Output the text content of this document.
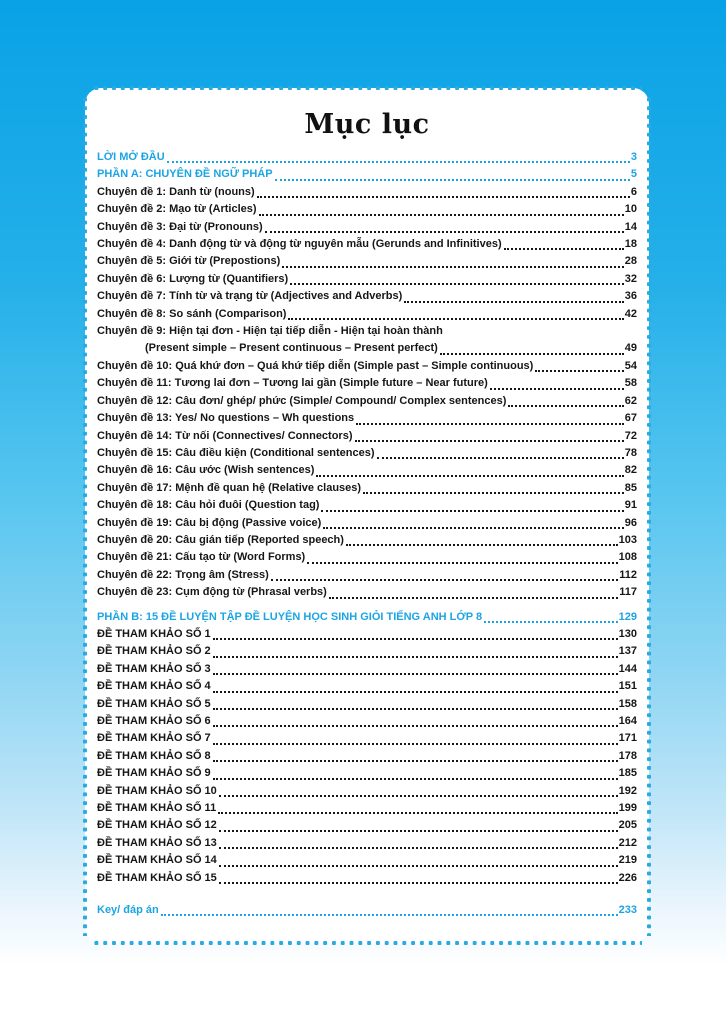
Mục lục
LỜI MỞ ĐẦU	3
PHẦN A: CHUYÊN ĐỀ NGỮ PHÁP	5
Chuyên đề 1: Danh từ (nouns)	6
Chuyên đề 2: Mạo từ (Articles)	10
Chuyên đề 3: Đại từ (Pronouns)	14
Chuyên đề 4: Danh động từ và động từ nguyên mẫu (Gerunds and Infinitives)	18
Chuyên đề 5: Giới từ (Prepostions)	28
Chuyên đề 6: Lượng từ (Quantifiers)	32
Chuyên đề 7: Tính từ và trạng từ (Adjectives and Adverbs)	36
Chuyên đề 8: So sánh (Comparison)	42
Chuyên đề 9: Hiện tại đơn - Hiện tại tiếp diễn - Hiện tại hoàn thành
(Present simple – Present continuous – Present perfect)	49
Chuyên đề 10: Quá khứ đơn – Quá khứ tiếp diễn (Simple past – Simple continuous)	54
Chuyên đề 11: Tương lai đơn – Tương lai gần (Simple future – Near future)	58
Chuyên đề 12: Câu đơn/ ghép/ phức (Simple/ Compound/ Complex sentences)	62
Chuyên đề 13: Yes/ No questions – Wh questions	67
Chuyên đề 14: Từ nối (Connectives/ Connectors)	72
Chuyên đề 15: Câu điều kiện (Conditional sentences)	78
Chuyên đề 16: Câu ước (Wish sentences)	82
Chuyên đề 17: Mệnh đề quan hệ (Relative clauses)	85
Chuyên đề 18: Câu hỏi đuôi (Question tag)	91
Chuyên đề 19: Câu bị động (Passive voice)	96
Chuyên đề 20: Câu gián tiếp (Reported speech)	103
Chuyên đề 21: Cấu tạo từ (Word Forms)	108
Chuyên đề 22: Trọng âm (Stress)	112
Chuyên đề 23: Cụm động từ (Phrasal verbs)	117
PHẦN B: 15 ĐỀ LUYỆN TẬP ĐỀ LUYỆN HỌC SINH GIỎI TIẾNG ANH LỚP 8	129
ĐỀ THAM KHẢO SỐ 1	130
ĐỀ THAM KHẢO SỐ 2	137
ĐỀ THAM KHẢO SỐ 3	144
ĐỀ THAM KHẢO SỐ 4	151
ĐỀ THAM KHẢO SỐ 5	158
ĐỀ THAM KHẢO SỐ 6	164
ĐỀ THAM KHẢO SỐ 7	171
ĐỀ THAM KHẢO SỐ 8	178
ĐỀ THAM KHẢO SỐ 9	185
ĐỀ THAM KHẢO SỐ 10	192
ĐỀ THAM KHẢO SỐ 11	199
ĐỀ THAM KHẢO SỐ 12	205
ĐỀ THAM KHẢO SỐ 13	212
ĐỀ THAM KHẢO SỐ 14	219
ĐỀ THAM KHẢO SỐ 15	226
Key/ đáp án	233
